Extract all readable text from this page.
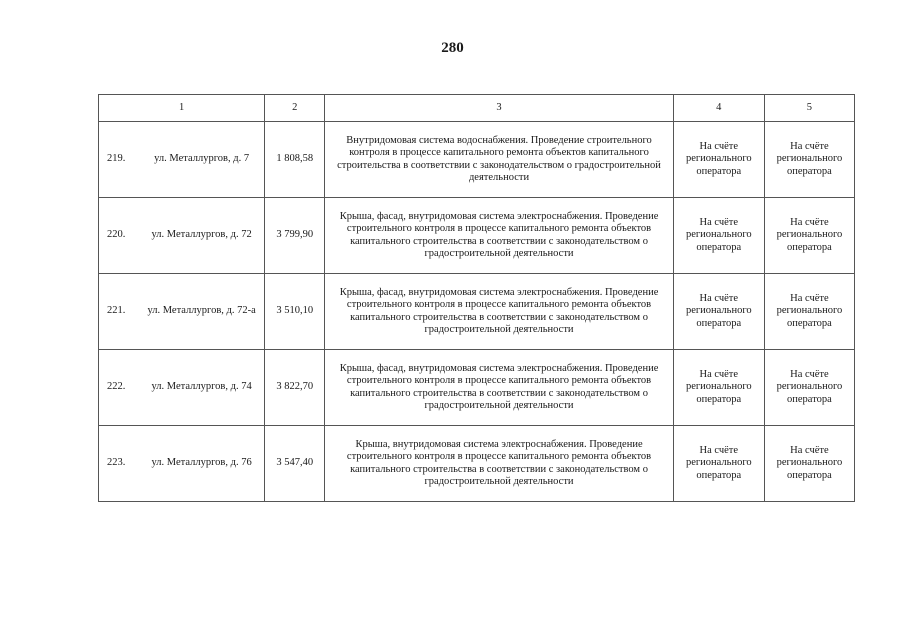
280
1	2	3	4	5

219. ул. Металлургов, д. 7	1 808,58	Внутридомовая система водоснабжения. Проведение строительного контроля в процессе капитального ремонта объектов капитального строительства в соответствии с законодательством о градостроительной деятельности	На счёте регионального оператора	На счёте регионального оператора

220. ул. Металлургов, д. 72	3 799,90	Крыша, фасад, внутридомовая система электроснабжения. Проведение строительного контроля в процессе капитального ремонта объектов капитального строительства в соответствии с законодательством о градостроительной деятельности	На счёте регионального оператора	На счёте регионального оператора

221. ул. Металлургов, д. 72-а	3 510,10	Крыша, фасад, внутридомовая система электроснабжения. Проведение строительного контроля в процессе капитального ремонта объектов капитального строительства в соответствии с законодательством о градостроительной деятельности	На счёте регионального оператора	На счёте регионального оператора

222. ул. Металлургов, д. 74	3 822,70	Крыша, фасад, внутридомовая система электроснабжения. Проведение строительного контроля в процессе капитального ремонта объектов капитального строительства в соответствии с законодательством о градостроительной деятельности	На счёте регионального оператора	На счёте регионального оператора

223. ул. Металлургов, д. 76	3 547,40	Крыша, внутридомовая система электроснабжения. Проведение строительного контроля в процессе капитального ремонта объектов капитального строительства в соответствии с законодательством о градостроительной деятельности	На счёте регионального оператора	На счёте регионального оператора
